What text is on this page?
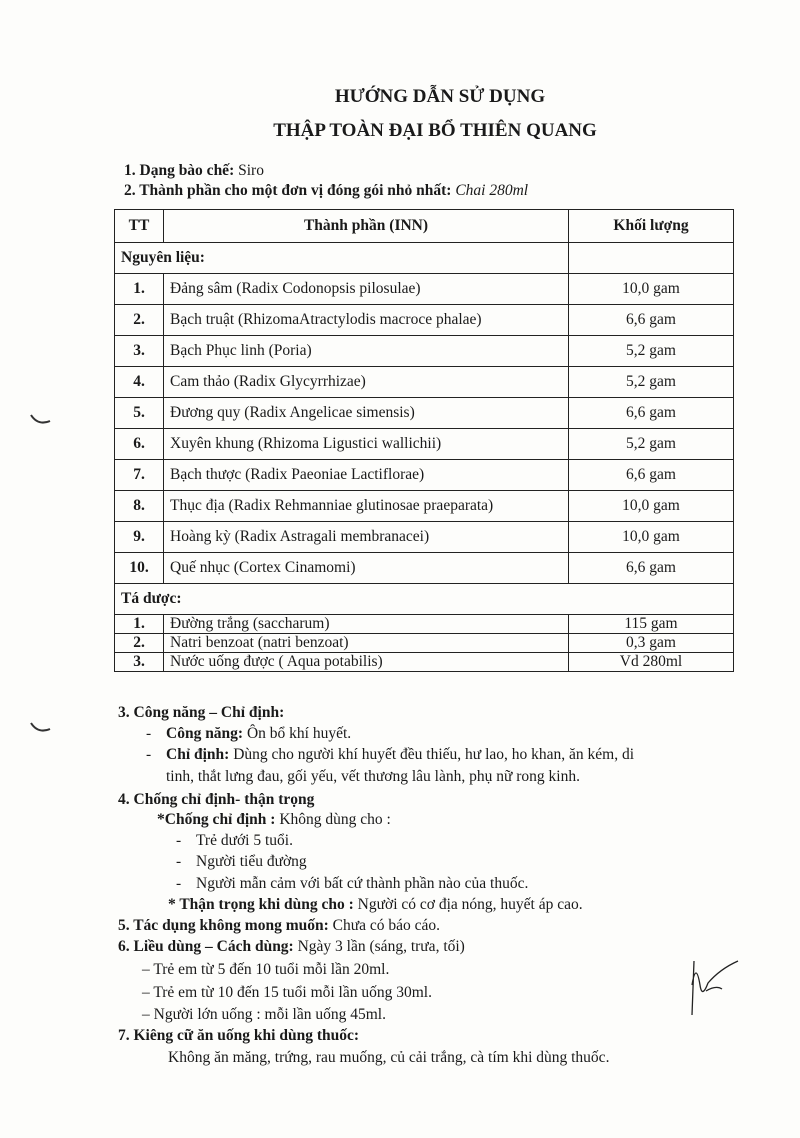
HƯỚNG DẪN SỬ DỤNG
THẬP TOÀN ĐẠI BỔ THIÊN QUANG
1. Dạng bào chế: Siro
2. Thành phần cho một đơn vị đóng gói nhỏ nhất: Chai 280ml
TT	Thành phần (INN)	Khối lượng
Nguyên liệu:		
1.	Đảng sâm (Radix Codonopsis pilosulae)	10,0 gam
2.	Bạch truật (RhizomaAtractylodis macroce phalae)	6,6 gam
3.	Bạch Phục linh (Poria)	5,2 gam
4.	Cam thảo (Radix Glycyrrhizae)	5,2 gam
5.	Đương quy (Radix Angelicae simensis)	6,6 gam
6.	Xuyên khung (Rhizoma Ligustici wallichii)	5,2 gam
7.	Bạch thược (Radix Paeoniae Lactiflorae)	6,6 gam
8.	Thục địa (Radix Rehmanniae glutinosae praeparata)	10,0 gam
9.	Hoàng kỳ (Radix Astragali membranacei)	10,0 gam
10.	Quế nhục (Cortex Cinamomi)	6,6 gam
Tá dược:		
1.	Đường trắng (saccharum)	115 gam
2.	Natri benzoat (natri benzoat)	0,3 gam
3.	Nước uống được ( Aqua potabilis)	Vd 280ml
3. Công năng – Chỉ định:
- Công năng: Ôn bổ khí huyết.
- Chỉ định: Dùng cho người khí huyết đều thiếu, hư lao, ho khan, ăn kém, di
tinh, thắt lưng đau, gối yếu, vết thương lâu lành, phụ nữ rong kinh.
4. Chống chỉ định- thận trọng
*Chống chỉ định : Không dùng cho :
- Trẻ dưới 5 tuổi.
- Người tiểu đường
- Người mẫn cảm với bất cứ thành phần nào của thuốc.
* Thận trọng khi dùng cho : Người có cơ địa nóng, huyết áp cao.
5. Tác dụng không mong muốn: Chưa có báo cáo.
6. Liều dùng – Cách dùng: Ngày 3 lần (sáng, trưa, tối)
– Trẻ em từ 5 đến 10 tuổi mỗi lần 20ml.
– Trẻ em từ 10 đến 15 tuổi mỗi lần uống 30ml.
– Người lớn uống : mỗi lần uống 45ml.
7. Kiêng cữ ăn uống khi dùng thuốc:
Không ăn măng, trứng, rau muống, củ cải trắng, cà tím khi dùng thuốc.
